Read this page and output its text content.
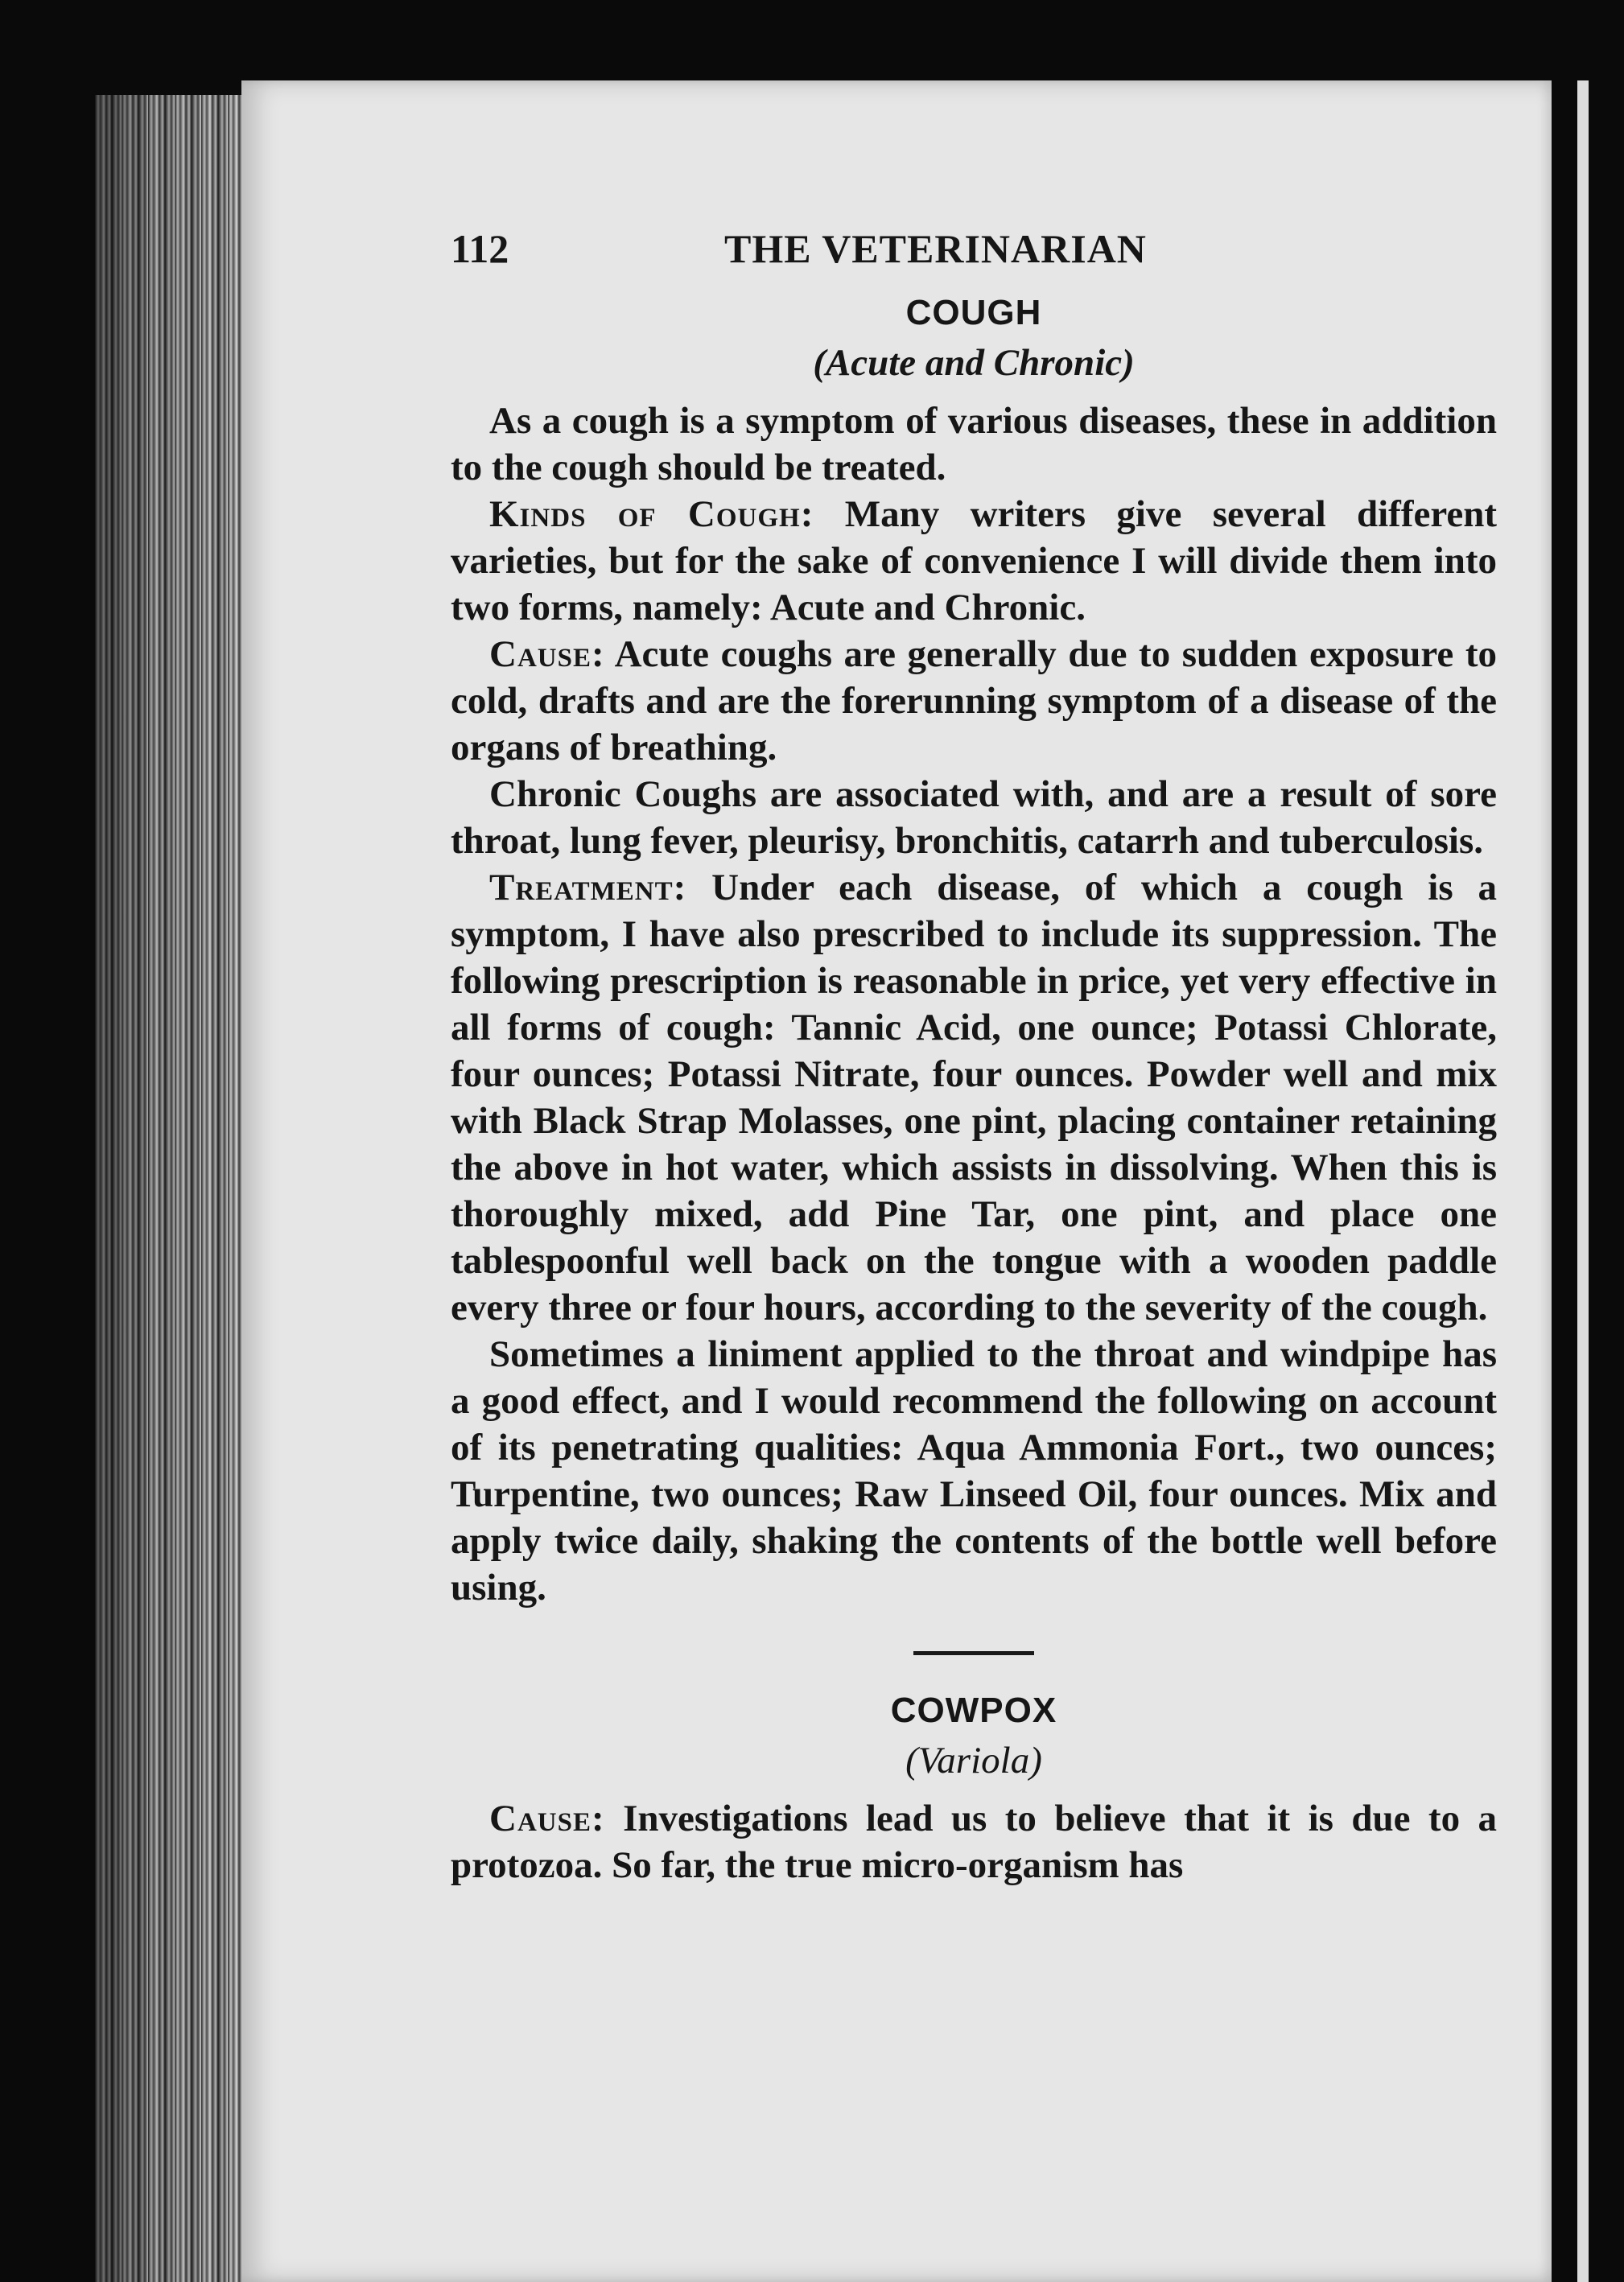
112	THE VETERINARIAN
COUGH
(Acute and Chronic)

As a cough is a symptom of various diseases, these in addition to the cough should be treated.

Kinds of Cough: Many writers give several different varieties, but for the sake of convenience I will divide them into two forms, namely: Acute and Chronic.

Cause: Acute coughs are generally due to sudden exposure to cold, drafts and are the forerunning symptom of a disease of the organs of breathing.

Chronic Coughs are associated with, and are a result of sore throat, lung fever, pleurisy, bronchitis, catarrh and tuberculosis.

Treatment: Under each disease, of which a cough is a symptom, I have also prescribed to include its suppression. The following prescription is reasonable in price, yet very effective in all forms of cough: Tannic Acid, one ounce; Potassi Chlorate, four ounces; Potassi Nitrate, four ounces. Powder well and mix with Black Strap Molasses, one pint, placing container retaining the above in hot water, which assists in dissolving. When this is thoroughly mixed, add Pine Tar, one pint, and place one tablespoonful well back on the tongue with a wooden paddle every three or four hours, according to the severity of the cough.

Sometimes a liniment applied to the throat and windpipe has a good effect, and I would recommend the following on account of its penetrating qualities: Aqua Ammonia Fort., two ounces; Turpentine, two ounces; Raw Linseed Oil, four ounces. Mix and apply twice daily, shaking the contents of the bottle well before using.

COWPOX
(Variola)

Cause: Investigations lead us to believe that it is due to a protozoa. So far, the true micro-organism has
